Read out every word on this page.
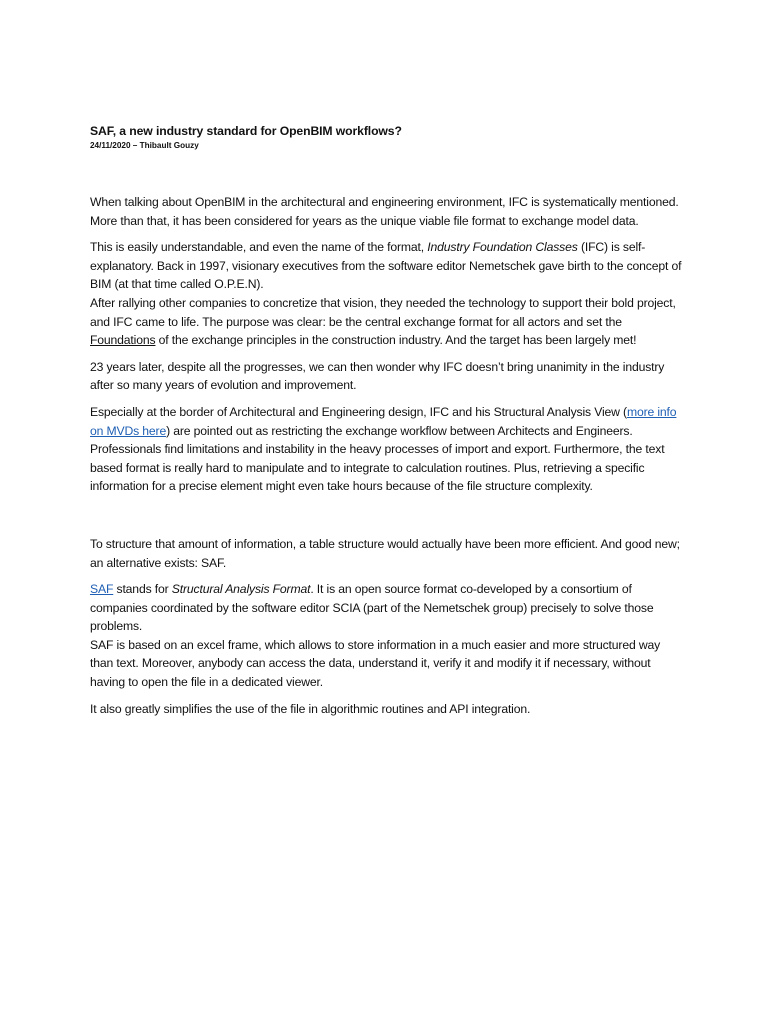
SAF, a new industry standard for OpenBIM workflows?
24/11/2020 – Thibault Gouzy

When talking about OpenBIM in the architectural and engineering environment, IFC is systematically mentioned. More than that, it has been considered for years as the unique viable file format to exchange model data.

This is easily understandable, and even the name of the format, Industry Foundation Classes (IFC) is self-explanatory. Back in 1997, visionary executives from the software editor Nemetschek gave birth to the concept of BIM (at that time called O.P.E.N).
After rallying other companies to concretize that vision, they needed the technology to support their bold project, and IFC came to life. The purpose was clear: be the central exchange format for all actors and set the Foundations of the exchange principles in the construction industry. And the target has been largely met!

23 years later, despite all the progresses, we can then wonder why IFC doesn’t bring unanimity in the industry after so many years of evolution and improvement.

Especially at the border of Architectural and Engineering design, IFC and his Structural Analysis View (more info on MVDs here) are pointed out as restricting the exchange workflow between Architects and Engineers.
Professionals find limitations and instability in the heavy processes of import and export. Furthermore, the text based format is really hard to manipulate and to integrate to calculation routines. Plus, retrieving a specific information for a precise element might even take hours because of the file structure complexity.

To structure that amount of information, a table structure would actually have been more efficient. And good new; an alternative exists: SAF.

SAF stands for Structural Analysis Format. It is an open source format co-developed by a consortium of companies coordinated by the software editor SCIA (part of the Nemetschek group) precisely to solve those problems.
SAF is based on an excel frame, which allows to store information in a much easier and more structured way than text. Moreover, anybody can access the data, understand it, verify it and modify it if necessary, without having to open the file in a dedicated viewer.

It also greatly simplifies the use of the file in algorithmic routines and API integration.
